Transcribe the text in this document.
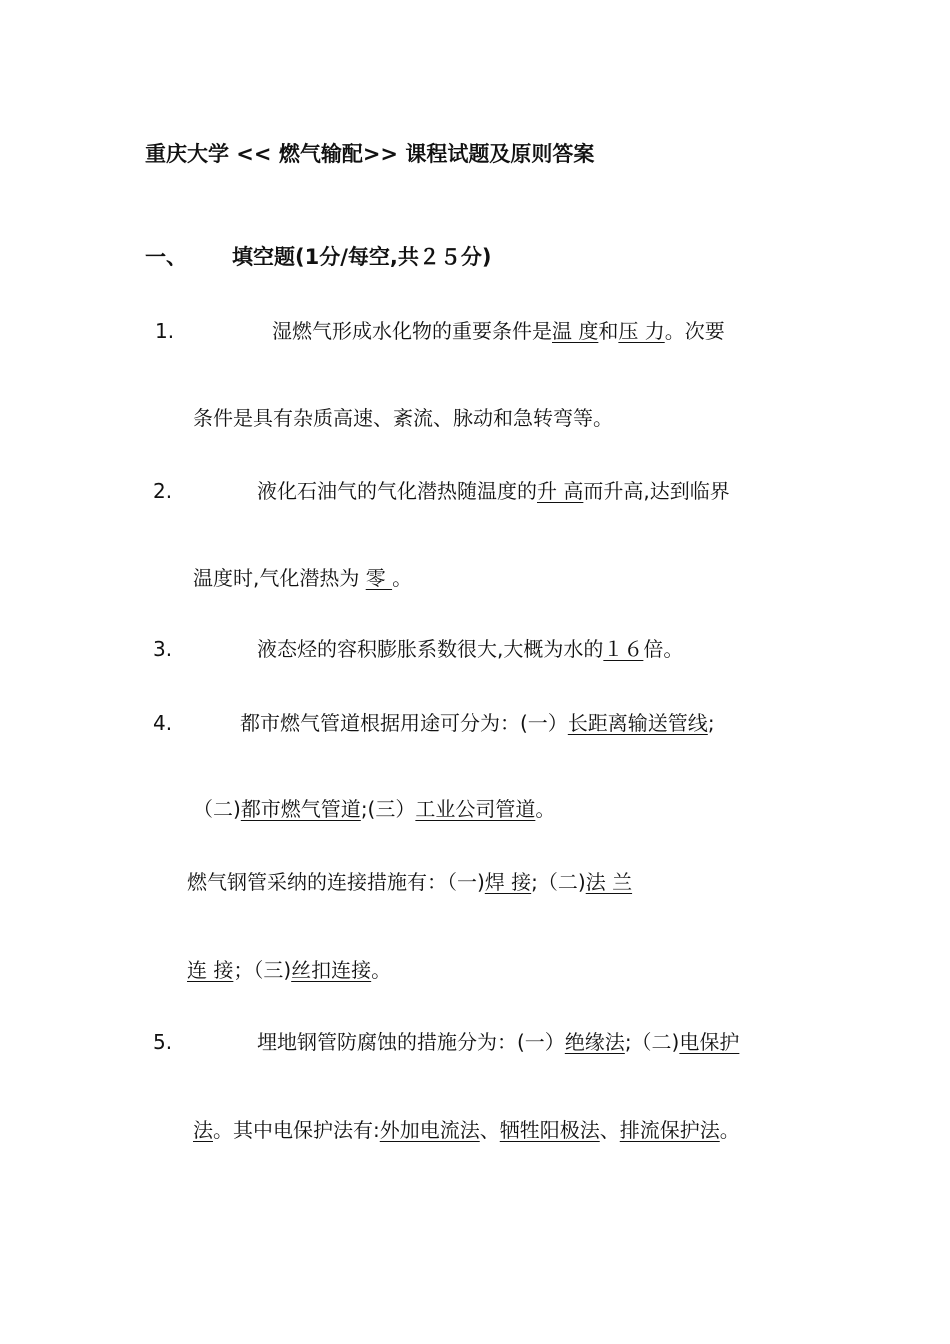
重庆大学 << 燃气输配>> 课程试题及原则答案
一、 填空题(1分/每空,共２５分)
1.	湿燃气形成水化物的重要条件是温 度和压 力。次要
条件是具有杂质高速、紊流、脉动和急转弯等。
2.	液化石油气的气化潜热随温度的升 高而升高,达到临界
温度时,气化潜热为 零 。
3.	液态烃的容积膨胀系数很大,大概为水的１６倍。
4.	都市燃气管道根据用途可分为：(一）长距离输送管线;
（二)都市燃气管道;(三）工业公司管道。
燃气钢管采纳的连接措施有：（一)焊 接;（二)法 兰
连 接；（三)丝扣连接。
5.	埋地钢管防腐蚀的措施分为：(一）绝缘法;（二)电保护
法。其中电保护法有:外加电流法、牺牲阳极法、排流保护法。
